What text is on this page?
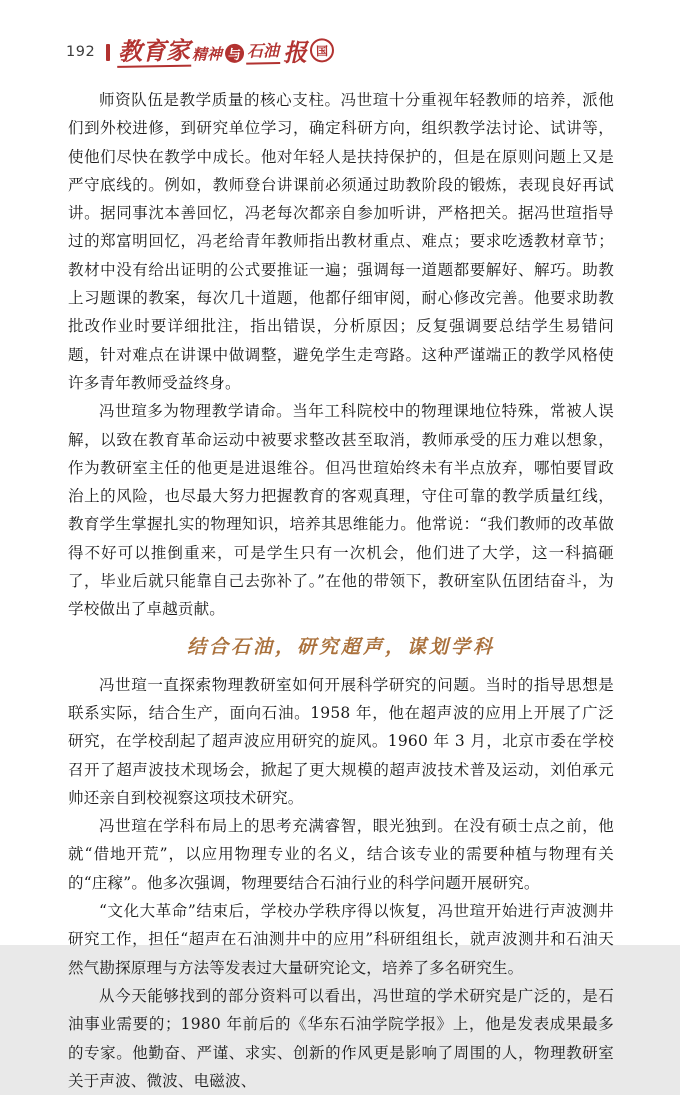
192 教育家 精神 与 石油 报 国

师资队伍是教学质量的核心支柱。冯世瑄十分重视年轻教师的培养，派他们到外校进修，到研究单位学习，确定科研方向，组织教学法讨论、试讲等，使他们尽快在教学中成长。他对年轻人是扶持保护的，但是在原则问题上又是严守底线的。例如，教师登台讲课前必须通过助教阶段的锻炼，表现良好再试讲。据同事沈本善回忆，冯老每次都亲自参加听讲，严格把关。据冯世瑄指导过的郑富明回忆，冯老给青年教师指出教材重点、难点；要求吃透教材章节；教材中没有给出证明的公式要推证一遍；强调每一道题都要解好、解巧。助教上习题课的教案，每次几十道题，他都仔细审阅，耐心修改完善。他要求助教批改作业时要详细批注，指出错误，分析原因；反复强调要总结学生易错问题，针对难点在讲课中做调整，避免学生走弯路。这种严谨端正的教学风格使许多青年教师受益终身。

冯世瑄多为物理教学请命。当年工科院校中的物理课地位特殊，常被人误解，以致在教育革命运动中被要求整改甚至取消，教师承受的压力难以想象，作为教研室主任的他更是进退维谷。但冯世瑄始终未有半点放弃，哪怕要冒政治上的风险，也尽最大努力把握教育的客观真理，守住可靠的教学质量红线，教育学生掌握扎实的物理知识，培养其思维能力。他常说：“我们教师的改革做得不好可以推倒重来，可是学生只有一次机会，他们进了大学，这一科搞砸了，毕业后就只能靠自己去弥补了。”在他的带领下，教研室队伍团结奋斗，为学校做出了卓越贡献。

结合石油，研究超声，谋划学科

冯世瑄一直探索物理教研室如何开展科学研究的问题。当时的指导思想是联系实际，结合生产，面向石油。1958 年，他在超声波的应用上开展了广泛研究，在学校刮起了超声波应用研究的旋风。1960 年 3 月，北京市委在学校召开了超声波技术现场会，掀起了更大规模的超声波技术普及运动，刘伯承元帅还亲自到校视察这项技术研究。

冯世瑄在学科布局上的思考充满睿智，眼光独到。在没有硕士点之前，他就“借地开荒”，以应用物理专业的名义，结合该专业的需要种植与物理有关的“庄稼”。他多次强调，物理要结合石油行业的科学问题开展研究。

“文化大革命”结束后，学校办学秩序得以恢复，冯世瑄开始进行声波测井研究工作，担任“超声在石油测井中的应用”科研组组长，就声波测井和石油天然气勘探原理与方法等发表过大量研究论文，培养了多名研究生。

从今天能够找到的部分资料可以看出，冯世瑄的学术研究是广泛的，是石油事业需要的；1980 年前后的《华东石油学院学报》上，他是发表成果最多的专家。他勤奋、严谨、求实、创新的作风更是影响了周围的人，物理教研室关于声波、微波、电磁波、
